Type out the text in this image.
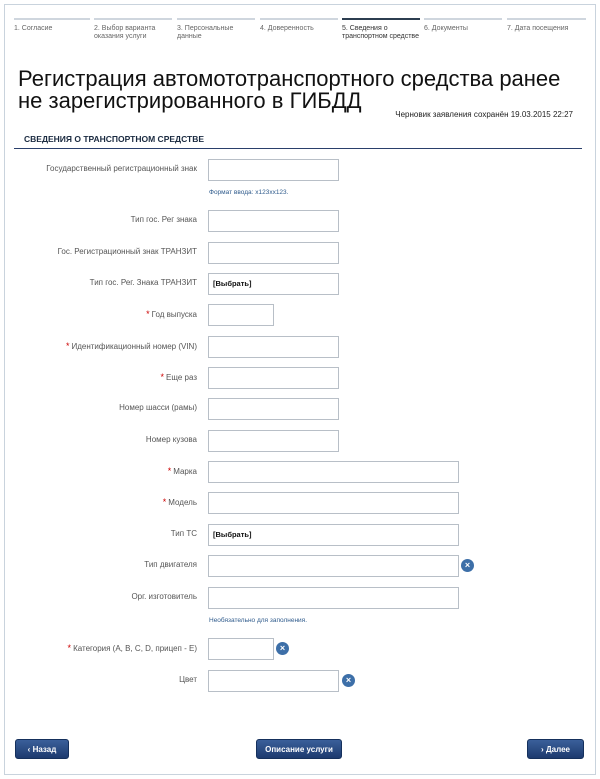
1. Согласие	2. Выбор варианта оказания услуги
3. Персональные данные
4. Доверенность	5. Сведения о транспортном средстве
6. Документы	7. Дата посещения
Регистрация автомототранспортного средства ранее не зарегистрированного в ГИБДД
Черновик заявления сохранён 19.03.2015 22:27
СВЕДЕНИЯ О ТРАНСПОРТНОМ СРЕДСТВЕ
Государственный регистрационный знак
Формат ввода: х123хх123.
Тип гос. Рег знака
Гос. Регистрационный знак ТРАНЗИТ
Тип гос. Рег. Знака ТРАНЗИТ	[Выбрать]
* Год выпуска
* Идентификационный номер (VIN)
* Еще раз
Номер шасси (рамы)
Номер кузова
* Марка
* Модель
Тип ТС	[Выбрать]
Тип двигателя	×
Орг. изготовитель
Необязательно для заполнения.
* Категория (A, B, C, D, прицеп - E)	×
Цвет	×
‹ Назад	Описание услуги	› Далее
